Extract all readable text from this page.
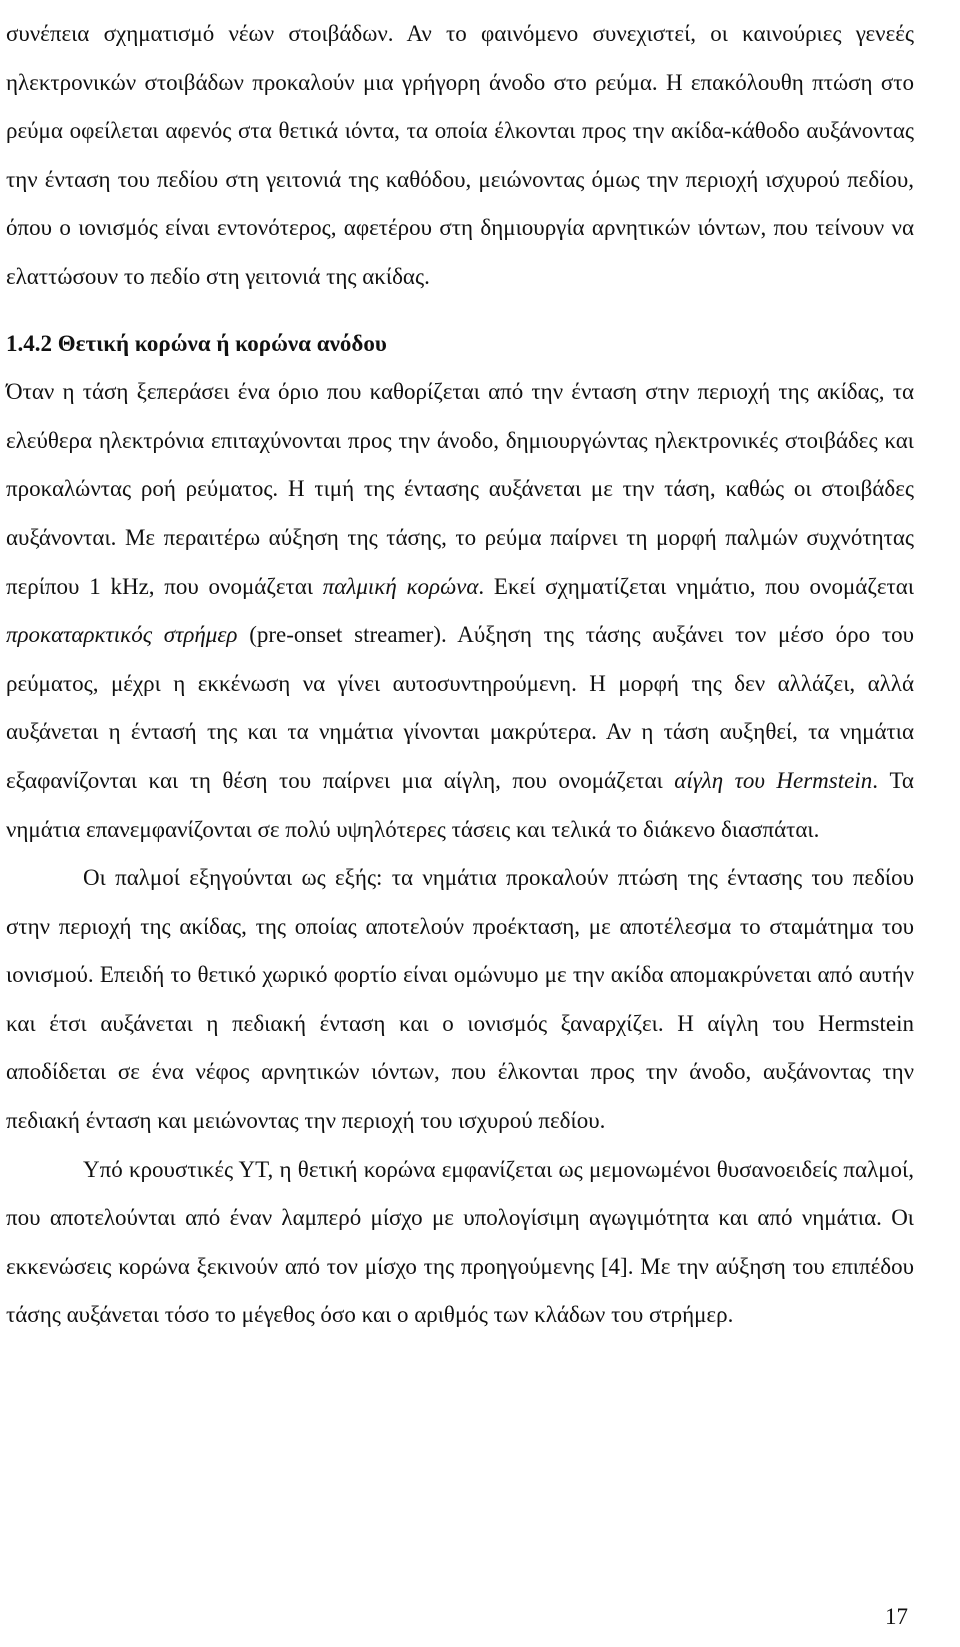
συνέπεια σχηματισμό νέων στοιβάδων. Αν το φαινόμενο συνεχιστεί, οι καινούριες γενεές ηλεκτρονικών στοιβάδων προκαλούν μια γρήγορη άνοδο στο ρεύμα. Η επακόλουθη πτώση στο ρεύμα οφείλεται αφενός στα θετικά ιόντα, τα οποία έλκονται προς την ακίδα-κάθοδο αυξάνοντας την ένταση του πεδίου στη γειτονιά της καθόδου, μειώνοντας όμως την περιοχή ισχυρού πεδίου, όπου ο ιονισμός είναι εντονότερος, αφετέρου στη δημιουργία αρνητικών ιόντων, που τείνουν να ελαττώσουν το πεδίο στη γειτονιά της ακίδας.

1.4.2 Θετική κορώνα ή κορώνα ανόδου

Όταν η τάση ξεπεράσει ένα όριο που καθορίζεται από την ένταση στην περιοχή της ακίδας, τα ελεύθερα ηλεκτρόνια επιταχύνονται προς την άνοδο, δημιουργώντας ηλεκτρονικές στοιβάδες και προκαλώντας ροή ρεύματος. Η τιμή της έντασης αυξάνεται με την τάση, καθώς οι στοιβάδες αυξάνονται. Με περαιτέρω αύξηση της τάσης, το ρεύμα παίρνει τη μορφή παλμών συχνότητας περίπου 1 kHz, που ονομάζεται παλμική κορώνα. Εκεί σχηματίζεται νημάτιο, που ονομάζεται προκαταρκτικός στρήμερ (pre-onset streamer). Αύξηση της τάσης αυξάνει τον μέσο όρο του ρεύματος, μέχρι η εκκένωση να γίνει αυτοσυντηρούμενη. Η μορφή της δεν αλλάζει, αλλά αυξάνεται η έντασή της και τα νημάτια γίνονται μακρύτερα. Αν η τάση αυξηθεί, τα νημάτια εξαφανίζονται και τη θέση του παίρνει μια αίγλη, που ονομάζεται αίγλη του Hermstein. Τα νημάτια επανεμφανίζονται σε πολύ υψηλότερες τάσεις και τελικά το διάκενο διασπάται.

Οι παλμοί εξηγούνται ως εξής: τα νημάτια προκαλούν πτώση της έντασης του πεδίου στην περιοχή της ακίδας, της οποίας αποτελούν προέκταση, με αποτέλεσμα το σταμάτημα του ιονισμού. Επειδή το θετικό χωρικό φορτίο είναι ομώνυμο με την ακίδα απομακρύνεται από αυτήν και έτσι αυξάνεται η πεδιακή ένταση και ο ιονισμός ξαναρχίζει. Η αίγλη του Hermstein αποδίδεται σε ένα νέφος αρνητικών ιόντων, που έλκονται προς την άνοδο, αυξάνοντας την πεδιακή ένταση και μειώνοντας την περιοχή του ισχυρού πεδίου.

Υπό κρουστικές ΥΤ, η θετική κορώνα εμφανίζεται ως μεμονωμένοι θυσανοειδείς παλμοί, που αποτελούνται από έναν λαμπερό μίσχο με υπολογίσιμη αγωγιμότητα και από νημάτια. Οι εκκενώσεις κορώνα ξεκινούν από τον μίσχο της προηγούμενης [4]. Με την αύξηση του επιπέδου τάσης αυξάνεται τόσο το μέγεθος όσο και ο αριθμός των κλάδων του στρήμερ.

17
